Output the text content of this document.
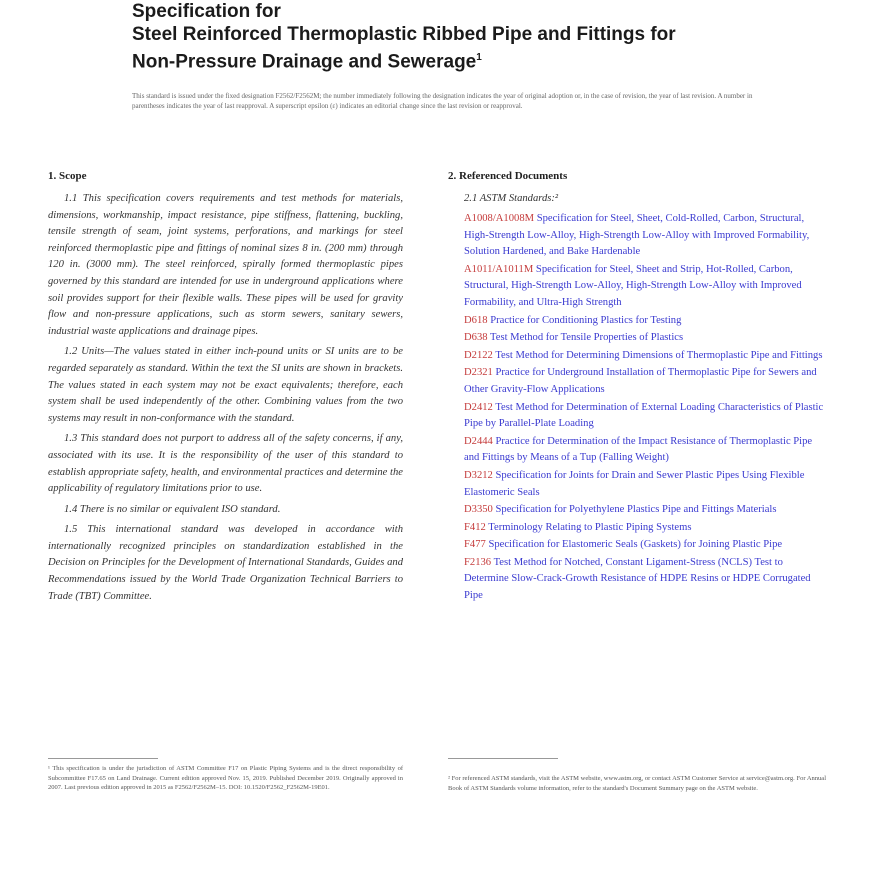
Specification for
Steel Reinforced Thermoplastic Ribbed Pipe and Fittings for
Non-Pressure Drainage and Sewerage$^1$
This standard is issued under the fixed designation F2562/F2562M; the number immediately following the designation indicates the year of original adoption or, in the case of revision, the year of last revision. A number in parentheses indicates the year of last reapproval. A superscript epsilon (ε) indicates an editorial change since the last revision or reapproval.
1. Scope

1.1 This specification covers requirements and test methods for materials, dimensions, workmanship, impact resistance, pipe stiffness, flattening, buckling, tensile strength of seam, joint systems, perforations, and markings for steel reinforced thermoplastic pipe and fittings of nominal sizes 8 in. (200 mm) through 120 in. (3000 mm). The steel reinforced, spirally formed thermoplastic pipes governed by this standard are intended for use in underground applications where soil provides support for their flexible walls. These pipes will be used for gravity flow and non-pressure applications, such as storm sewers, sanitary sewers, industrial waste applications and drainage pipes.

1.2 Units—The values stated in either inch-pound units or SI units are to be regarded separately as standard. Within the text the SI units are shown in brackets. The values stated in each system may not be exact equivalents; therefore, each system shall be used independently of the other. Combining values from the two systems may result in non-conformance with the standard.

1.3 This standard does not purport to address all of the safety concerns, if any, associated with its use. It is the responsibility of the user of this standard to establish appropriate safety, health, and environmental practices and determine the applicability of regulatory limitations prior to use.

1.4 There is no similar or equivalent ISO standard.

1.5 This international standard was developed in accordance with internationally recognized principles on standardization established in the Decision on Principles for the Development of International Standards, Guides and Recommendations issued by the World Trade Organization Technical Barriers to Trade (TBT) Committee.

2. Referenced Documents
2.1 ASTM Standards:²
A1008/A1008M Specification for Steel, Sheet, Cold-Rolled, Carbon, Structural, High-Strength Low-Alloy, High-Strength Low-Alloy with Improved Formability, Solution Hardened, and Bake Hardenable
A1011/A1011M Specification for Steel, Sheet and Strip, Hot-Rolled, Carbon, Structural, High-Strength Low-Alloy, High-Strength Low-Alloy with Improved Formability, and Ultra-High Strength
D618 Practice for Conditioning Plastics for Testing
D638 Test Method for Tensile Properties of Plastics
D2122 Test Method for Determining Dimensions of Thermoplastic Pipe and Fittings
D2321 Practice for Underground Installation of Thermoplastic Pipe for Sewers and Other Gravity-Flow Applications
D2412 Test Method for Determination of External Loading Characteristics of Plastic Pipe by Parallel-Plate Loading
D2444 Practice for Determination of the Impact Resistance of Thermoplastic Pipe and Fittings by Means of a Tup (Falling Weight)
D3212 Specification for Joints for Drain and Sewer Plastic Pipes Using Flexible Elastomeric Seals
D3350 Specification for Polyethylene Plastics Pipe and Fittings Materials
F412 Terminology Relating to Plastic Piping Systems
F477 Specification for Elastomeric Seals (Gaskets) for Joining Plastic Pipe
F2136 Test Method for Notched, Constant Ligament-Stress (NCLS) Test to Determine Slow-Crack-Growth Resistance of HDPE Resins or HDPE Corrugated Pipe
¹ This specification is under the jurisdiction of ASTM Committee F17 on Plastic Piping Systems and is the direct responsibility of Subcommittee F17.65 on Land Drainage. Current edition approved Nov. 15, 2019. Published December 2019. Originally approved in 2007. Last previous edition approved in 2015 as F2562/F2562M–15. DOI: 10.1520/F2562_F2562M-19E01.
² For referenced ASTM standards, visit the ASTM website, www.astm.org, or contact ASTM Customer Service at service@astm.org. For Annual Book of ASTM Standards volume information, refer to the standard's Document Summary page on the ASTM website.
